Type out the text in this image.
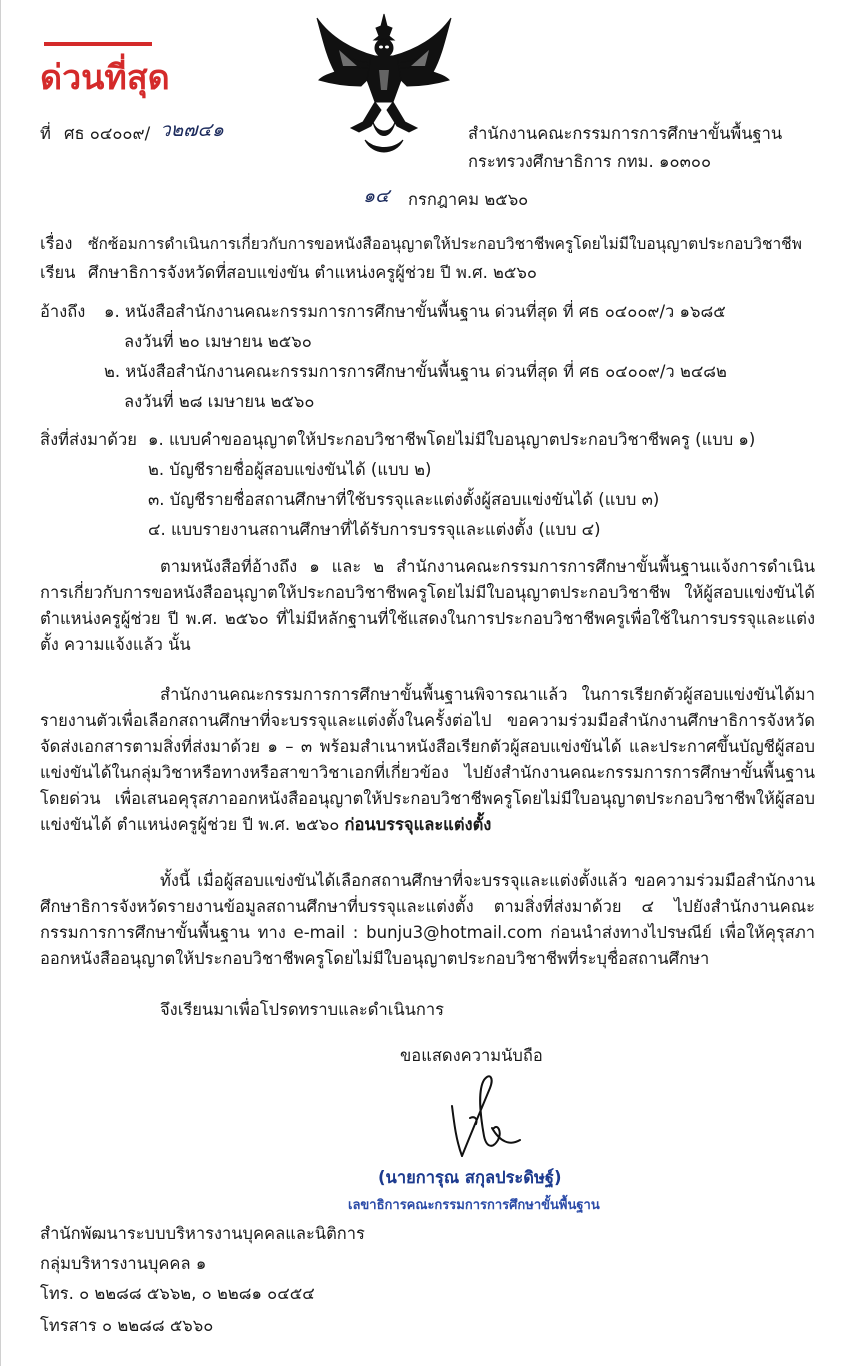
ด่วนที่สุด
ที่ ศธ ๐๔๐๐๙/ ว๒๗๔๑	สำนักงานคณะกรรมการการศึกษาขั้นพื้นฐาน
กระทรวงศึกษาธิการ กทม. ๑๐๓๐๐
๑๔ กรกฎาคม ๒๕๖๐
เรื่อง ซักซ้อมการดำเนินการเกี่ยวกับการขอหนังสืออนุญาตให้ประกอบวิชาชีพครูโดยไม่มีใบอนุญาตประกอบวิชาชีพ
เรียน ศึกษาธิการจังหวัดที่สอบแข่งขัน ตำแหน่งครูผู้ช่วย ปี พ.ศ. ๒๕๖๐
อ้างถึง ๑. หนังสือสำนักงานคณะกรรมการการศึกษาขั้นพื้นฐาน ด่วนที่สุด ที่ ศธ ๐๔๐๐๙/ว ๑๖๘๕
ลงวันที่ ๒๐ เมษายน ๒๕๖๐
๒. หนังสือสำนักงานคณะกรรมการการศึกษาขั้นพื้นฐาน ด่วนที่สุด ที่ ศธ ๐๔๐๐๙/ว ๒๔๘๒
ลงวันที่ ๒๘ เมษายน ๒๕๖๐
สิ่งที่ส่งมาด้วย ๑. แบบคำขออนุญาตให้ประกอบวิชาชีพโดยไม่มีใบอนุญาตประกอบวิชาชีพครู (แบบ ๑)
๒. บัญชีรายชื่อผู้สอบแข่งขันได้ (แบบ ๒)
๓. บัญชีรายชื่อสถานศึกษาที่ใช้บรรจุและแต่งตั้งผู้สอบแข่งขันได้ (แบบ ๓)
๔. แบบรายงานสถานศึกษาที่ได้รับการบรรจุและแต่งตั้ง (แบบ ๔)
ตามหนังสือที่อ้างถึง ๑ และ ๒ สำนักงานคณะกรรมการการศึกษาขั้นพื้นฐานแจ้งการดำเนินการเกี่ยวกับการขอหนังสืออนุญาตให้ประกอบวิชาชีพครูโดยไม่มีใบอนุญาตประกอบวิชาชีพ ให้ผู้สอบแข่งขันได้ ตำแหน่งครูผู้ช่วย ปี พ.ศ. ๒๕๖๐ ที่ไม่มีหลักฐานที่ใช้แสดงในการประกอบวิชาชีพครูเพื่อใช้ในการบรรจุและแต่งตั้ง ความแจ้งแล้ว นั้น
สำนักงานคณะกรรมการการศึกษาขั้นพื้นฐานพิจารณาแล้ว ในการเรียกตัวผู้สอบแข่งขันได้มารายงานตัวเพื่อเลือกสถานศึกษาที่จะบรรจุและแต่งตั้งในครั้งต่อไป ขอความร่วมมือสำนักงานศึกษาธิการจังหวัดจัดส่งเอกสารตามสิ่งที่ส่งมาด้วย ๑ – ๓ พร้อมสำเนาหนังสือเรียกตัวผู้สอบแข่งขันได้ และประกาศขึ้นบัญชีผู้สอบแข่งขันได้ในกลุ่มวิชาหรือทางหรือสาขาวิชาเอกที่เกี่ยวข้อง ไปยังสำนักงานคณะกรรมการการศึกษาขั้นพื้นฐานโดยด่วน เพื่อเสนอคุรุสภาออกหนังสืออนุญาตให้ประกอบวิชาชีพครูโดยไม่มีใบอนุญาตประกอบวิชาชีพให้ผู้สอบแข่งขันได้ ตำแหน่งครูผู้ช่วย ปี พ.ศ. ๒๕๖๐ ก่อนบรรจุและแต่งตั้ง
ทั้งนี้ เมื่อผู้สอบแข่งขันได้เลือกสถานศึกษาที่จะบรรจุและแต่งตั้งแล้ว ขอความร่วมมือสำนักงานศึกษาธิการจังหวัดรายงานข้อมูลสถานศึกษาที่บรรจุและแต่งตั้ง ตามสิ่งที่ส่งมาด้วย ๔ ไปยังสำนักงานคณะกรรมการการศึกษาขั้นพื้นฐาน ทาง e-mail : bunju3@hotmail.com ก่อนนำส่งทางไปรษณีย์ เพื่อให้คุรุสภาออกหนังสืออนุญาตให้ประกอบวิชาชีพครูโดยไม่มีใบอนุญาตประกอบวิชาชีพที่ระบุชื่อสถานศึกษา
จึงเรียนมาเพื่อโปรดทราบและดำเนินการ
ขอแสดงความนับถือ
(นายการุณ สกุลประดิษฐ์)
เลขาธิการคณะกรรมการการศึกษาขั้นพื้นฐาน
สำนักพัฒนาระบบบริหารงานบุคคลและนิติการ
กลุ่มบริหารงานบุคคล ๑
โทร. ๐ ๒๒๘๘ ๕๖๖๒, ๐ ๒๒๘๑ ๐๔๕๔
โทรสาร ๐ ๒๒๘๘ ๕๖๖๐
